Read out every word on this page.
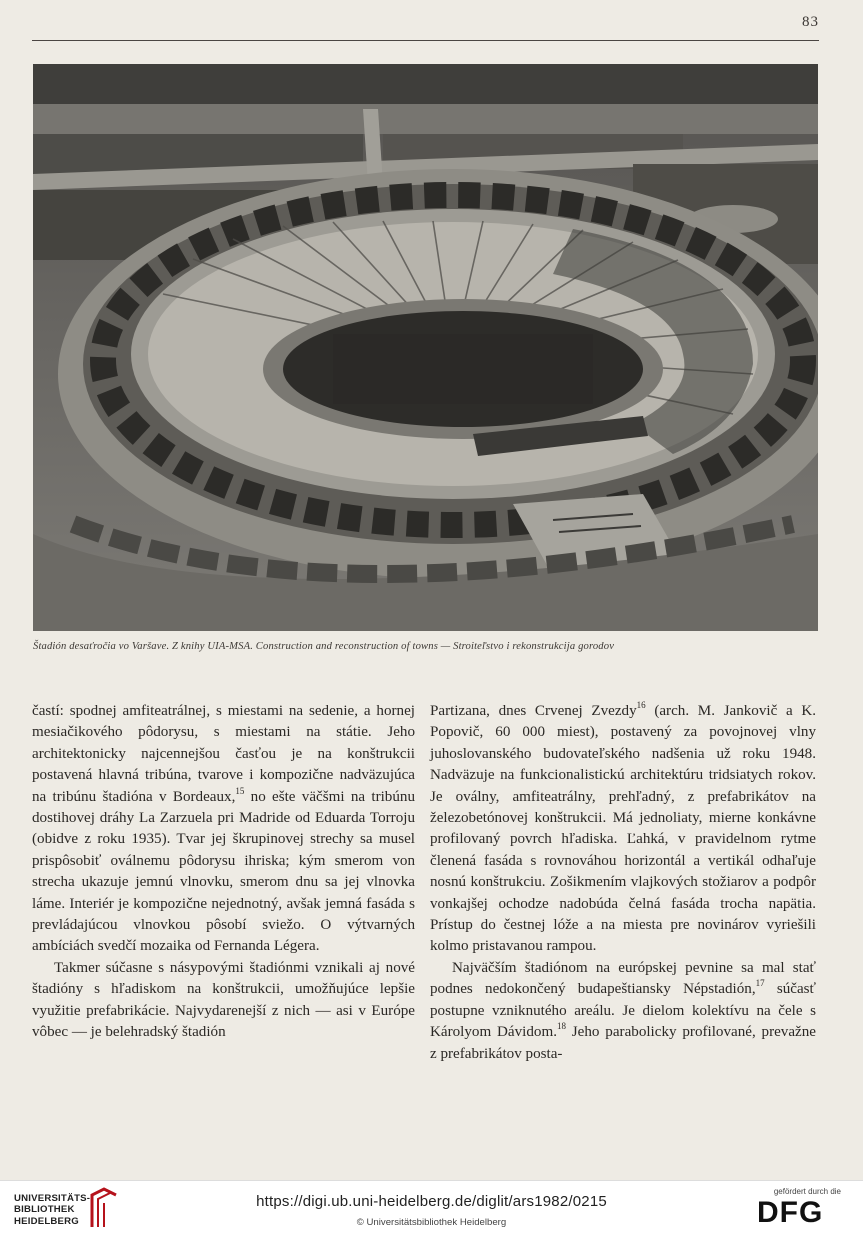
83
Štadión desaťročia vo Varšave. Z knihy UIA-MSA. Construction and reconstruction of towns — Stroiteľstvo i rekonstrukcija gorodov

častí: spodnej amfiteatrálnej, s miestami na sedenie, a hornej mesiačikového pôdorysu, s miestami na státie. Jeho architektonicky najcennejšou časťou je na konštrukcii postavená hlavná tribúna, tvarove i kompozične nadväzujúca na tribúnu štadióna v Bordeaux,$^{15}$ no ešte väčšmi na tribúnu dostihovej dráhy La Zarzuela pri Madride od Eduarda Torroju (obidve z roku 1935). Tvar jej škrupinovej strechy sa musel prispôsobiť oválnemu pôdorysu ihriska; kým smerom von strecha ukazuje jemnú vlnovku, smerom dnu sa jej vlnovka láme. Interiér je kompozične nejednotný, avšak jemná fasáda s prevládajúcou vlnovkou pôsobí sviežo. O výtvarných ambíciách svedčí mozaika od Fernanda Légera.

Takmer súčasne s násypovými štadiónmi vznikali aj nové štadióny s hľadiskom na konštrukcii, umožňujúce lepšie využitie prefabrikácie. Najvydarenejší z nich — asi v Európe vôbec — je belehradský štadión

Partizana, dnes Crvenej Zvezdy$^{16}$ (arch. M. Jankovič a K. Popovič, 60 000 miest), postavený za povojnovej vlny juhoslovanského budovateľského nadšenia už roku 1948. Nadväzuje na funkcionalistickú architektúru tridsiatych rokov. Je oválny, amfiteatrálny, prehľadný, z prefabrikátov na železobetónovej konštrukcii. Má jednoliaty, mierne konkávne profilovaný povrch hľadiska. Ľahká, v pravidelnom rytme členená fasáda s rovnováhou horizontál a vertikál odhaľuje nosnú konštrukciu. Zošikmením vlajkových stožiarov a podpôr vonkajšej ochodze nadobúda čelná fasáda trocha napätia. Prístup do čestnej lóže a na miesta pre novinárov vyriešili kolmo pristavanou rampou.

Najväčším štadiónom na európskej pevnine sa mal stať podnes nedokončený budapeštiansky Népstadión,$^{17}$ súčasť postupne vzniknutého areálu. Je dielom kolektívu na čele s Károlyom Dávidom.$^{18}$ Jeho parabolicky profilované, prevažne z prefabrikátov posta-

UNIVERSITÄTS-
BIBLIOTHEK
HEIDELBERG
https://digi.ub.uni-heidelberg.de/diglit/ars1982/0215
© Universitätsbibliothek Heidelberg
gefördert durch die
DFG
